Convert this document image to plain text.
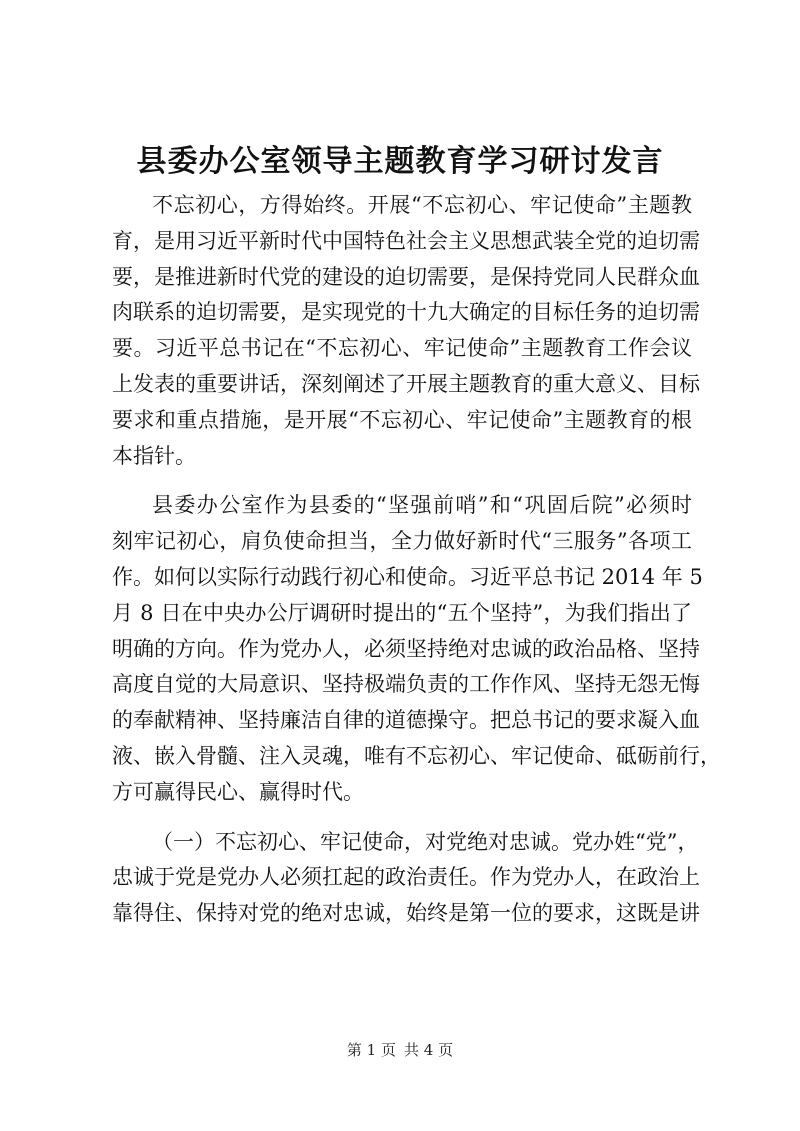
县委办公室领导主题教育学习研讨发言
不忘初心，方得始终。开展“不忘初心、牢记使命”主题教
育，是用习近平新时代中国特色社会主义思想武装全党的迫切需
要，是推进新时代党的建设的迫切需要，是保持党同人民群众血
肉联系的迫切需要，是实现党的十九大确定的目标任务的迫切需
要。习近平总书记在“不忘初心、牢记使命”主题教育工作会议
上发表的重要讲话，深刻阐述了开展主题教育的重大意义、目标
要求和重点措施，是开展“不忘初心、牢记使命”主题教育的根
本指针。
县委办公室作为县委的“坚强前哨”和“巩固后院”必须时
刻牢记初心，肩负使命担当，全力做好新时代“三服务”各项工
作。如何以实际行动践行初心和使命。习近平总书记 2014 年 5
月 8 日在中央办公厅调研时提出的“五个坚持”，为我们指出了
明确的方向。作为党办人，必须坚持绝对忠诚的政治品格、坚持
高度自觉的大局意识、坚持极端负责的工作作风、坚持无怨无悔
的奉献精神、坚持廉洁自律的道德操守。把总书记的要求凝入血
液、嵌入骨髓、注入灵魂，唯有不忘初心、牢记使命、砥砺前行，
方可赢得民心、赢得时代。
（一）不忘初心、牢记使命，对党绝对忠诚。党办姓“党”，
忠诚于党是党办人必须扛起的政治责任。作为党办人，在政治上
靠得住、保持对党的绝对忠诚，始终是第一位的要求，这既是讲
第 1 页 共 4 页
